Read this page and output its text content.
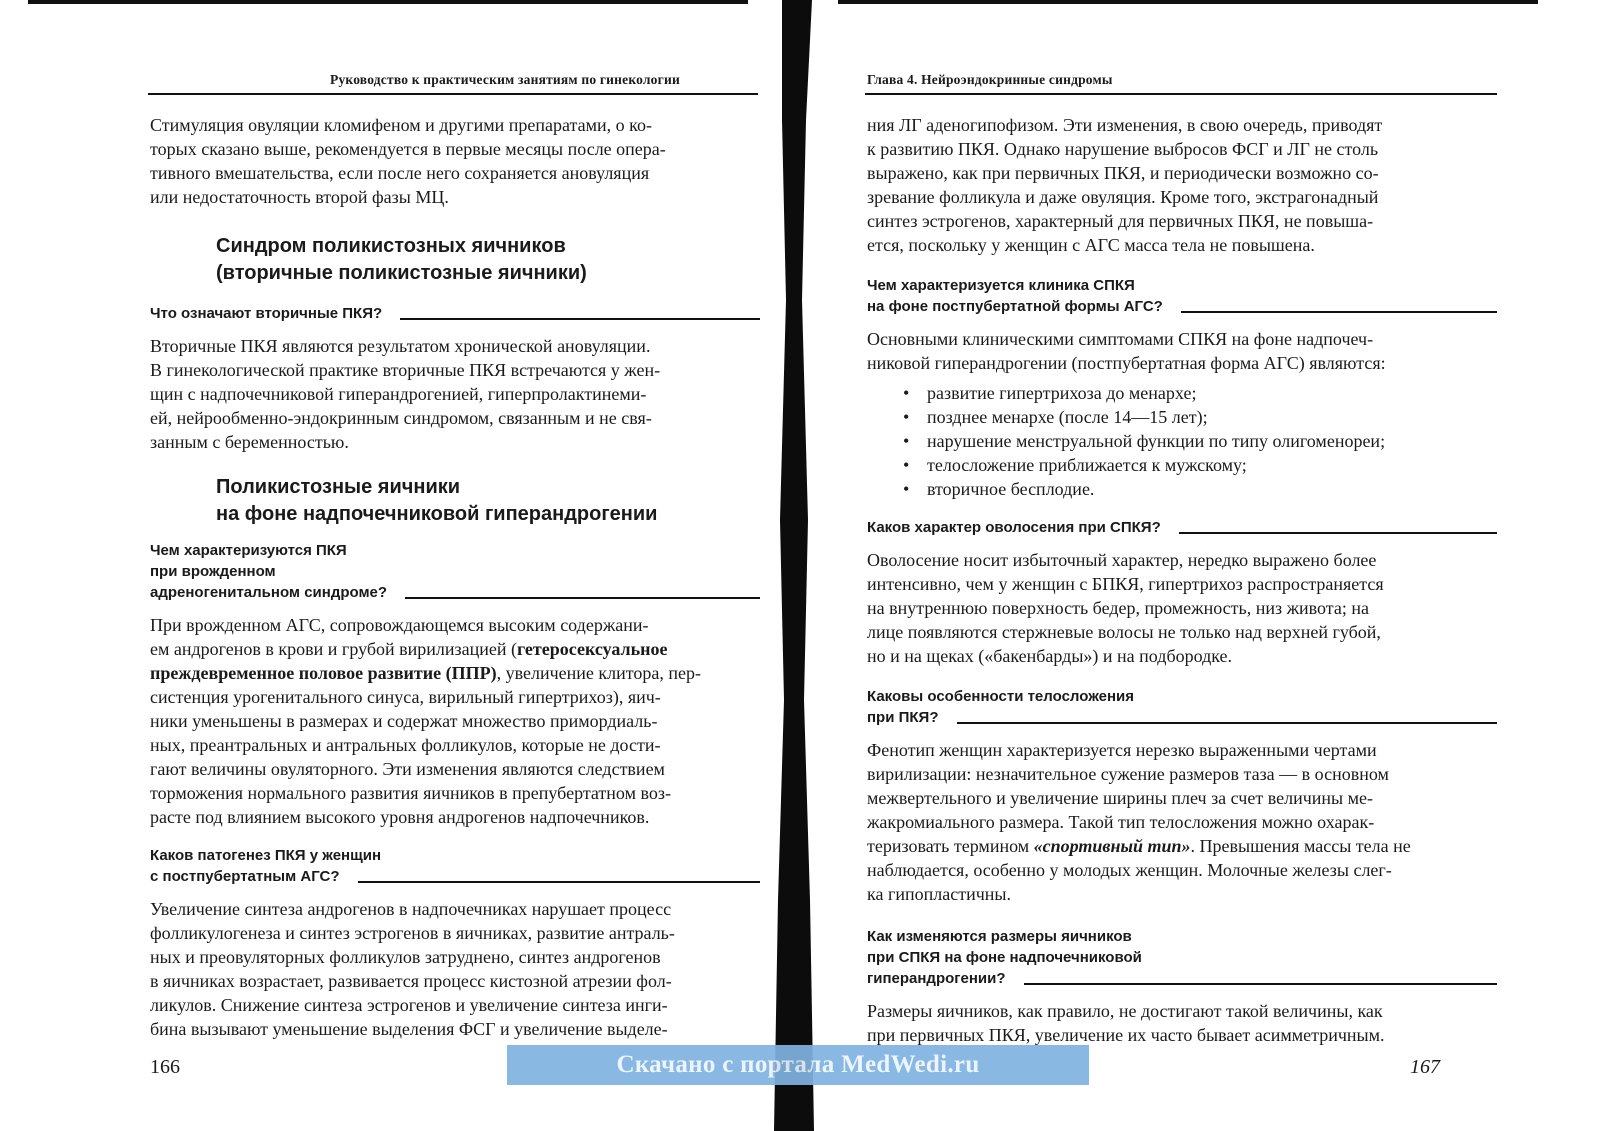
Руководство к практическим занятиям по гинекологии

Стимуляция овуляции кломифеном и другими препаратами, о ко-

торых сказано выше, рекомендуется в первые месяцы после опера-

тивного вмешательства, если после него сохраняется ановуляция

или недостаточность второй фазы МЦ.

Синдром поликистозных яичников

(вторичные поликистозные яичники)

Что означают вторичные ПКЯ?

Вторичные ПКЯ являются результатом хронической ановуляции.

В гинекологической практике вторичные ПКЯ встречаются у жен-

щин с надпочечниковой гиперандрогенией, гиперпролактинеми-

ей, нейрообменно-эндокринным синдромом, связанным и не свя-

занным с беременностью.

Поликистозные яичники

на фоне надпочечниковой гиперандрогении

Чем характеризуются ПКЯ
при врожденном
адреногенитальном синдроме?

При врожденном АГС, сопровождающемся высоким содержани-

ем андрогенов в крови и грубой вирилизацией (гетеросексуальное

преждевременное половое развитие (ППР), увеличение клитора, пер-

систенция урогенитального синуса, вирильный гипертрихоз), яич-

ники уменьшены в размерах и содержат множество примордиаль-

ных, преантральных и антральных фолликулов, которые не дости-

гают величины овуляторного. Эти изменения являются следствием

торможения нормального развития яичников в препубертатном воз-

расте под влиянием высокого уровня андрогенов надпочечников.

Каков патогенез ПКЯ у женщин
с постпубертатным АГС?

Увеличение синтеза андрогенов в надпочечниках нарушает процесс

фолликулогенеза и синтез эстрогенов в яичниках, развитие антраль-

ных и преовуляторных фолликулов затруднено, синтез андрогенов

в яичниках возрастает, развивается процесс кистозной атрезии фол-

ликулов. Снижение синтеза эстрогенов и увеличение синтеза инги-

бина вызывают уменьшение выделения ФСГ и увеличение выделе-

166
Глава 4. Нейроэндокринные синдромы

ния ЛГ аденогипофизом. Эти изменения, в свою очередь, приводят

к развитию ПКЯ. Однако нарушение выбросов ФСГ и ЛГ не столь

выражено, как при первичных ПКЯ, и периодически возможно со-

зревание фолликула и даже овуляция. Кроме того, экстрагонадный

синтез эстрогенов, характерный для первичных ПКЯ, не повыша-

ется, поскольку у женщин с АГС масса тела не повышена.

Чем характеризуется клиника СПКЯ
на фоне постпубертатной формы АГС?

Основными клиническими симптомами СПКЯ на фоне надпочеч-

никовой гиперандрогении (постпубертатная форма АГС) являются:

• развитие гипертрихоза до менархе;
• позднее менархе (после 14—15 лет);
• нарушение менструальной функции по типу олигоменореи;
• телосложение приближается к мужскому;
• вторичное бесплодие.
Каков характер оволосения при СПКЯ?

Оволосение носит избыточный характер, нередко выражено более

интенсивно, чем у женщин с БПКЯ, гипертрихоз распространяется

на внутреннюю поверхность бедер, промежность, низ живота; на

лице появляются стержневые волосы не только над верхней губой,

но и на щеках («бакенбарды») и на подбородке.

Каковы особенности телосложения
при ПКЯ?

Фенотип женщин характеризуется нерезко выраженными чертами

вирилизации: незначительное сужение размеров таза — в основном

межвертельного и увеличение ширины плеч за счет величины ме-

жакромиального размера. Такой тип телосложения можно охарак-

теризовать термином «спортивный тип». Превышения массы тела не

наблюдается, особенно у молодых женщин. Молочные железы слег-

ка гипопластичны.

Как изменяются размеры яичников
при СПКЯ на фоне надпочечниковой
гиперандрогении?

Размеры яичников, как правило, не достигают такой величины, как

при первичных ПКЯ, увеличение их часто бывает асимметричным.

167
Скачано с портала MedWedi.ru
